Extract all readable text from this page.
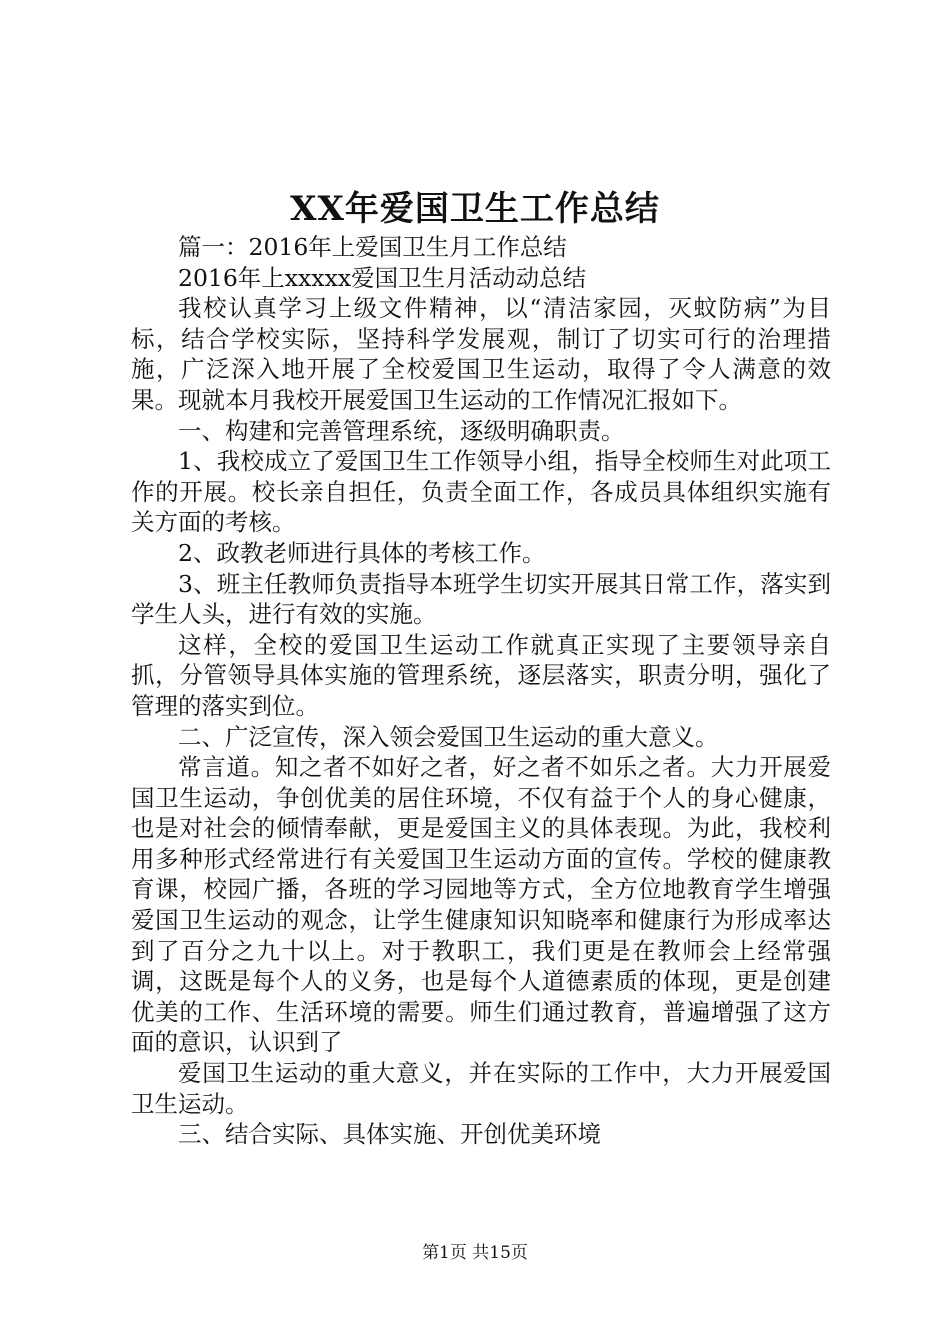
XX年爱国卫生工作总结

篇一：2016年上爱国卫生月工作总结

2016年上xxxxx爱国卫生月活动动总结

我校认真学习上级文件精神，以“清洁家园，灭蚊防病”为目标，结合学校实际，坚持科学发展观，制订了切实可行的治理措施，广泛深入地开展了全校爱国卫生运动，取得了令人满意的效果。现就本月我校开展爱国卫生运动的工作情况汇报如下。

一、构建和完善管理系统，逐级明确职责。

1、我校成立了爱国卫生工作领导小组，指导全校师生对此项工作的开展。校长亲自担任，负责全面工作，各成员具体组织实施有关方面的考核。

2、政教老师进行具体的考核工作。

3、班主任教师负责指导本班学生切实开展其日常工作，落实到学生人头，进行有效的实施。

这样，全校的爱国卫生运动工作就真正实现了主要领导亲自抓，分管领导具体实施的管理系统，逐层落实，职责分明，强化了管理的落实到位。

二、广泛宣传，深入领会爱国卫生运动的重大意义。

常言道。知之者不如好之者，好之者不如乐之者。大力开展爱国卫生运动，争创优美的居住环境，不仅有益于个人的身心健康，也是对社会的倾情奉献，更是爱国主义的具体表现。为此，我校利用多种形式经常进行有关爱国卫生运动方面的宣传。学校的健康教育课，校园广播，各班的学习园地等方式，全方位地教育学生增强爱国卫生运动的观念，让学生健康知识知晓率和健康行为形成率达到了百分之九十以上。对于教职工，我们更是在教师会上经常强调，这既是每个人的义务，也是每个人道德素质的体现，更是创建优美的工作、生活环境的需要。师生们通过教育，普遍增强了这方面的意识，认识到了

爱国卫生运动的重大意义，并在实际的工作中，大力开展爱国卫生运动。

三、结合实际、具体实施、开创优美环境

第1页 共15页
